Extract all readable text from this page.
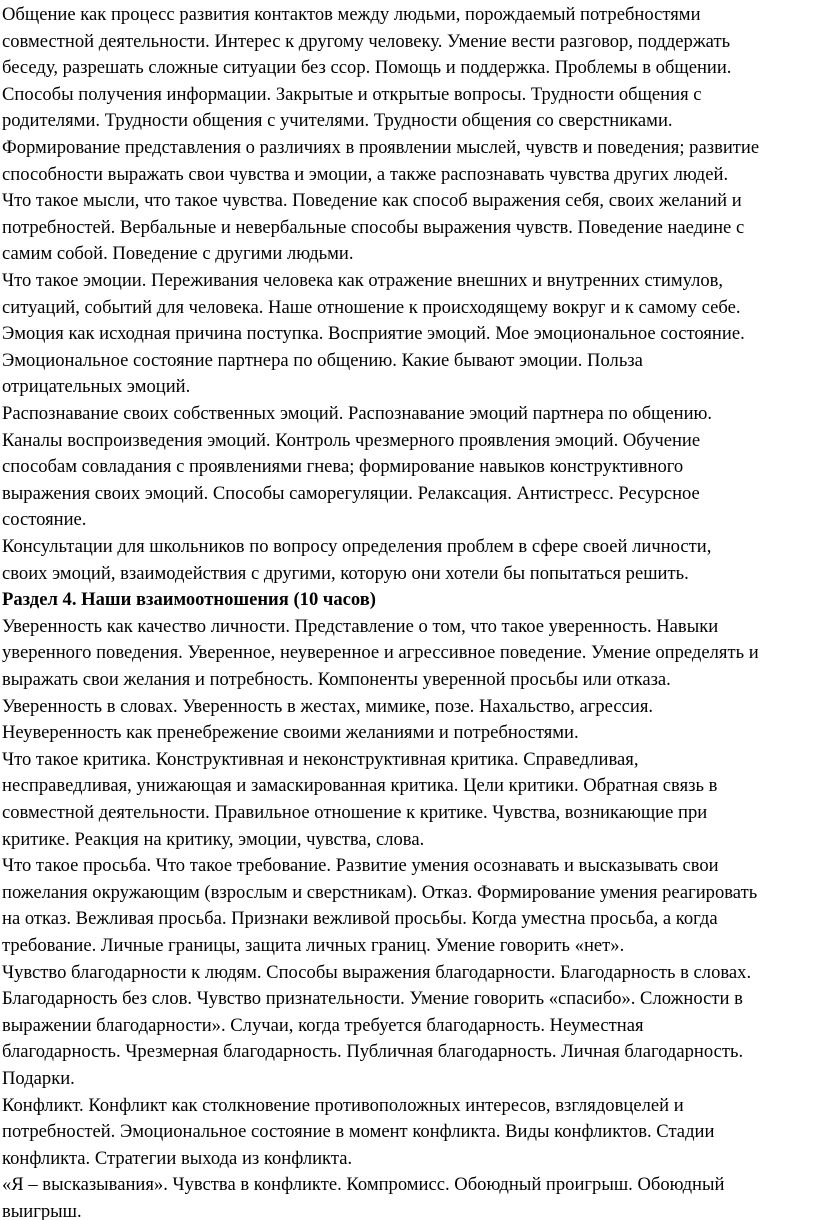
Общение как процесс развития контактов между людьми, порождаемый потребностями
совместной деятельности. Интерес к другому человеку. Умение вести разговор, поддержать
беседу, разрешать сложные ситуации без ссор. Помощь и поддержка. Проблемы в общении.
Способы получения информации. Закрытые и открытые вопросы. Трудности общения с
родителями. Трудности общения с учителями. Трудности общения со сверстниками.
Формирование представления о различиях в проявлении мыслей, чувств и поведения; развитие
способности выражать свои чувства и эмоции, а также распознавать чувства других людей.
Что такое мысли, что такое чувства. Поведение как способ выражения себя, своих желаний и
потребностей. Вербальные и невербальные способы выражения чувств. Поведение наедине с
самим собой. Поведение с другими людьми.
Что такое эмоции. Переживания человека как отражение внешних и внутренних стимулов,
ситуаций, событий для человека. Наше отношение к происходящему вокруг и к самому себе.
Эмоция как исходная причина поступка. Восприятие эмоций. Мое эмоциональное состояние.
Эмоциональное состояние партнера по общению. Какие бывают эмоции. Польза
отрицательных эмоций.
Распознавание своих собственных эмоций. Распознавание эмоций партнера по общению.
Каналы воспроизведения эмоций. Контроль чрезмерного проявления эмоций. Обучение
способам совладания с проявлениями гнева; формирование навыков конструктивного
выражения своих эмоций. Способы саморегуляции. Релаксация. Антистресс. Ресурсное
состояние.
Консультации для школьников по вопросу определения проблем в сфере своей личности,
своих эмоций, взаимодействия с другими, которую они хотели бы попытаться решить.
Раздел 4. Наши взаимоотношения (10 часов)
Уверенность как качество личности. Представление о том, что такое уверенность. Навыки
уверенного поведения. Уверенное, неуверенное и агрессивное поведение. Умение определять и
выражать свои желания и потребность. Компоненты уверенной просьбы или отказа.
Уверенность в словах. Уверенность в жестах, мимике, позе. Нахальство, агрессия.
Неуверенность как пренебрежение своими желаниями и потребностями.
Что такое критика. Конструктивная и неконструктивная критика. Справедливая,
несправедливая, унижающая и замаскированная критика. Цели критики. Обратная связь в
совместной деятельности. Правильное отношение к критике. Чувства, возникающие при
критике. Реакция на критику, эмоции, чувства, слова.
Что такое просьба. Что такое требование. Развитие умения осознавать и высказывать свои
пожелания окружающим (взрослым и сверстникам). Отказ. Формирование умения реагировать
на отказ. Вежливая просьба. Признаки вежливой просьбы. Когда уместна просьба, а когда
требование. Личные границы, защита личных границ. Умение говорить «нет».
Чувство благодарности к людям. Способы выражения благодарности. Благодарность в словах.
Благодарность без слов. Чувство признательности. Умение говорить «спасибо». Сложности в
выражении благодарности». Случаи, когда требуется благодарность. Неуместная
благодарность. Чрезмерная благодарность. Публичная благодарность. Личная благодарность.
Подарки.
Конфликт. Конфликт как столкновение противоположных интересов, взглядовцелей и
потребностей. Эмоциональное состояние в момент конфликта. Виды конфликтов. Стадии
конфликта. Стратегии выхода из конфликта.
«Я – высказывания». Чувства в конфликте. Компромисс. Обоюдный проигрыш. Обоюдный
выигрыш.
